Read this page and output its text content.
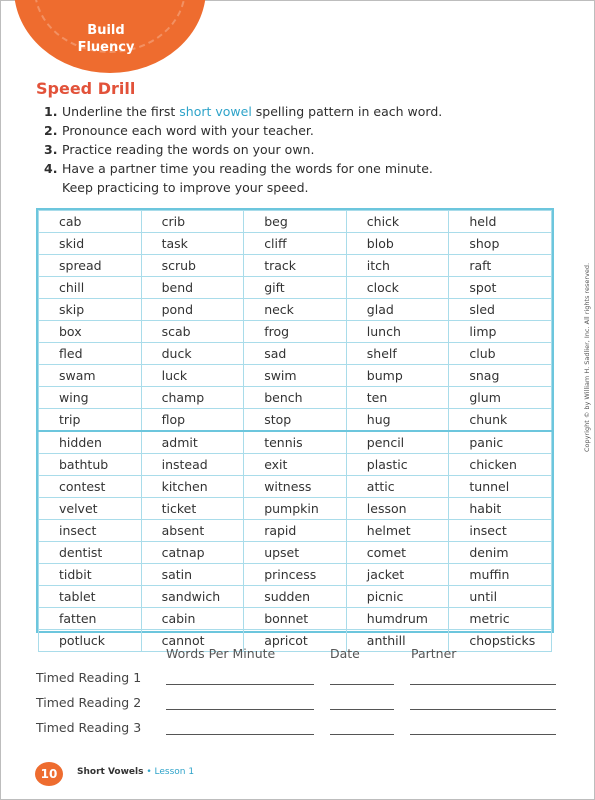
Build
Fluency
Speed Drill
1. Underline the first short vowel spelling pattern in each word.
2. Pronounce each word with your teacher.
3. Practice reading the words on your own.
4. Have a partner time you reading the words for one minute.
Keep practicing to improve your speed.
cab	crib	beg	chick	held
skid	task	cliff	blob	shop
spread	scrub	track	itch	raft
chill	bend	gift	clock	spot
skip	pond	neck	glad	sled
box	scab	frog	lunch	limp
fled	duck	sad	shelf	club
swam	luck	swim	bump	snag
wing	champ	bench	ten	glum
trip	flop	stop	hug	chunk
hidden	admit	tennis	pencil	panic
bathtub	instead	exit	plastic	chicken
contest	kitchen	witness	attic	tunnel
velvet	ticket	pumpkin	lesson	habit
insect	absent	rapid	helmet	insect
dentist	catnap	upset	comet	denim
tidbit	satin	princess	jacket	muffin
tablet	sandwich	sudden	picnic	until
fatten	cabin	bonnet	humdrum	metric
potluck	cannot	apricot	anthill	chopsticks
Words Per Minute	Date	Partner
Timed Reading 1
Timed Reading 2
Timed Reading 3
10	Short Vowels • Lesson 1
Copyright © by William H. Sadlier, Inc. All rights reserved.
